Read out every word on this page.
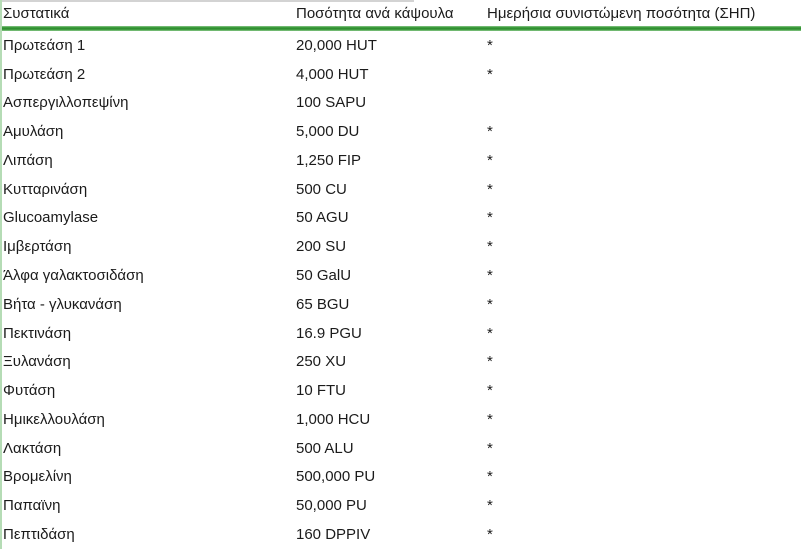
Συστατικά	Ποσότητα ανά κάψουλα	Ημερήσια συνιστώμενη ποσότητα (ΣΗΠ)
Πρωτεάση 1	20,000 HUT	*
Πρωτεάση 2	4,000 HUT	*
Ασπεργιλλοπεψίνη	100 SAPU
Αμυλάση	5,000 DU	*
Λιπάση	1,250 FIP	*
Κυτταρινάση	500 CU	*
Glucoamylase	50 AGU	*
Ιμβερτάση	200 SU	*
Άλφα γαλακτοσιδάση	50 GalU	*
Βήτα - γλυκανάση	65 BGU	*
Πεκτινάση	16.9 PGU	*
Ξυλανάση	250 XU	*
Φυτάση	10 FTU	*
Ημικελλουλάση	1,000 HCU	*
Λακτάση	500 ALU	*
Βρομελίνη	500,000 PU	*
Παπαϊνη	50,000 PU	*
Πεπτιδάση	160 DPPIV	*
